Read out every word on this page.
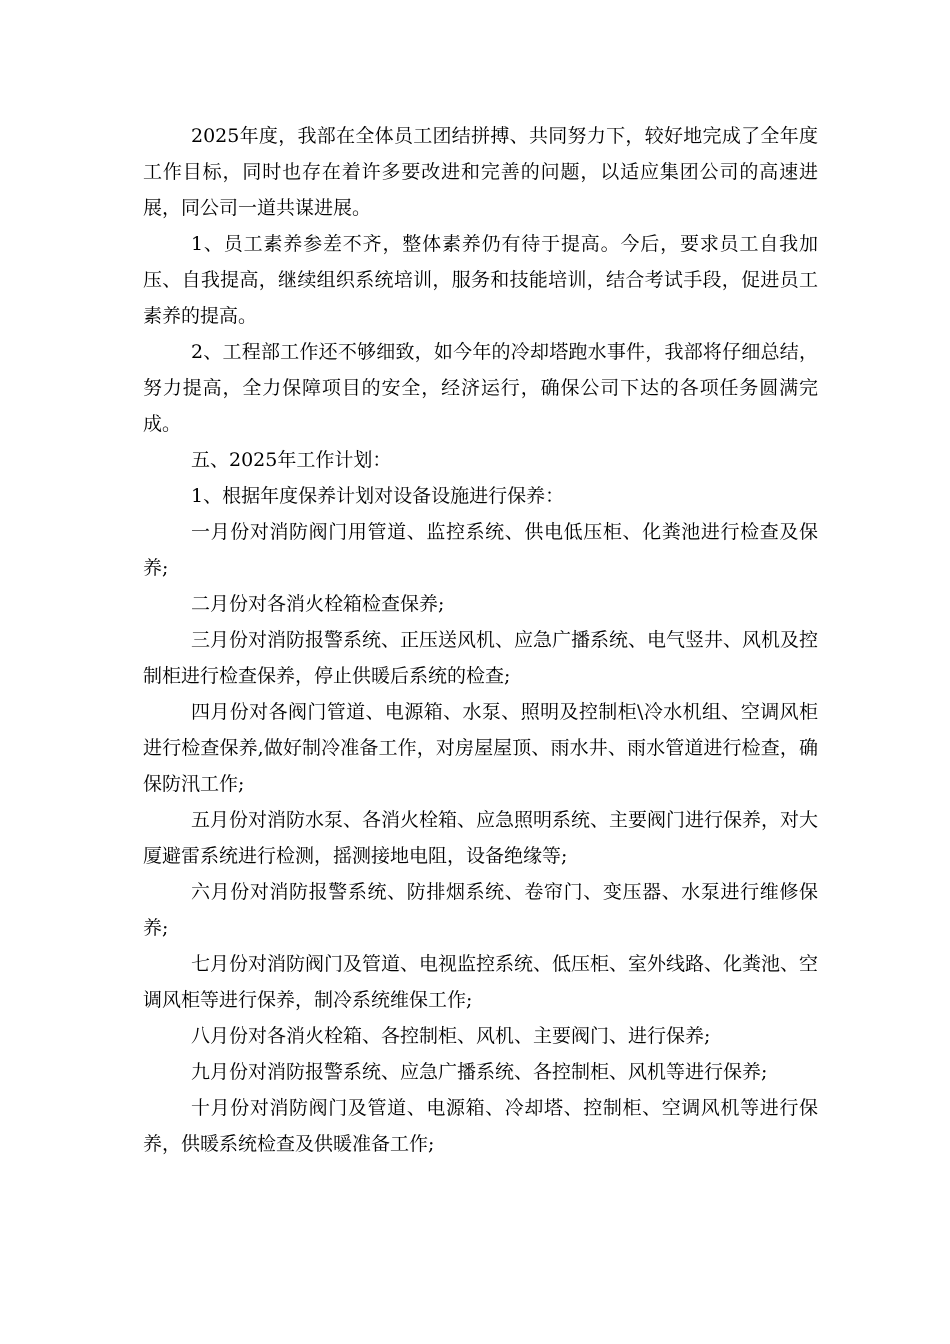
2025年度，我部在全体员工团结拼搏、共同努力下，较好地完成了全年度工作目标，同时也存在着许多要改进和完善的问题，以适应集团公司的高速进展，同公司一道共谋进展。

1、员工素养参差不齐，整体素养仍有待于提高。今后，要求员工自我加压、自我提高，继续组织系统培训，服务和技能培训，结合考试手段，促进员工素养的提高。

2、工程部工作还不够细致，如今年的冷却塔跑水事件，我部将仔细总结，努力提高，全力保障项目的安全，经济运行，确保公司下达的各项任务圆满完成。

五、2025年工作计划：

1、根据年度保养计划对设备设施进行保养：

一月份对消防阀门用管道、监控系统、供电低压柜、化粪池进行检查及保养;

二月份对各消火栓箱检查保养;

三月份对消防报警系统、正压送风机、应急广播系统、电气竖井、风机及控制柜进行检查保养，停止供暖后系统的检查;

四月份对各阀门管道、电源箱、水泵、照明及控制柜\冷水机组、空调风柜进行检查保养,做好制冷准备工作，对房屋屋顶、雨水井、雨水管道进行检查，确保防汛工作;

五月份对消防水泵、各消火栓箱、应急照明系统、主要阀门进行保养，对大厦避雷系统进行检测，摇测接地电阻，设备绝缘等;

六月份对消防报警系统、防排烟系统、卷帘门、变压器、水泵进行维修保养;

七月份对消防阀门及管道、电视监控系统、低压柜、室外线路、化粪池、空调风柜等进行保养，制冷系统维保工作;

八月份对各消火栓箱、各控制柜、风机、主要阀门、进行保养;

九月份对消防报警系统、应急广播系统、各控制柜、风机等进行保养;

十月份对消防阀门及管道、电源箱、冷却塔、控制柜、空调风机等进行保养，供暖系统检查及供暖准备工作;
